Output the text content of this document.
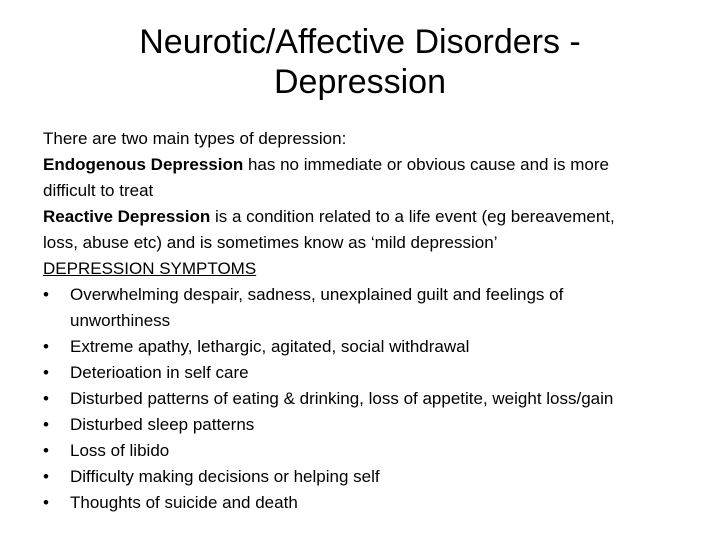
Neurotic/Affective Disorders -
Depression

There are two main types of depression:

Endogenous Depression has no immediate or obvious cause and is more
difficult to treat

Reactive Depression is a condition related to a life event (eg bereavement,
loss, abuse etc) and is sometimes know as ‘mild depression’

DEPRESSION SYMPTOMS

• Overwhelming despair, sadness, unexplained guilt and feelings of
unworthiness
• Extreme apathy, lethargic, agitated, social withdrawal
• Deterioation in self care
• Disturbed patterns of eating & drinking, loss of appetite, weight loss/gain
• Disturbed sleep patterns
• Loss of libido
• Difficulty making decisions or helping self
• Thoughts of suicide and death
